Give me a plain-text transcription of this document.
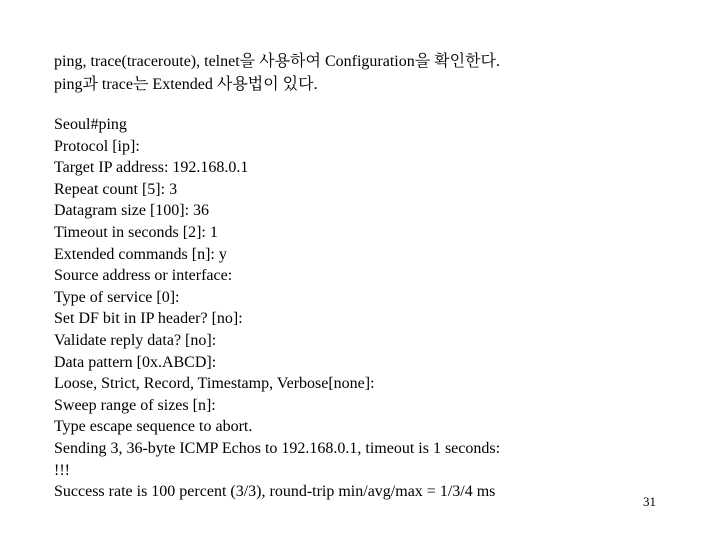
ping, trace(traceroute), telnet을 사용하여 Configuration을 확인한다.
ping과 trace는 Extended 사용법이 있다.
Seoul#ping
Protocol [ip]:
Target IP address: 192.168.0.1
Repeat count [5]: 3
Datagram size [100]: 36
Timeout in seconds [2]: 1
Extended commands [n]: y
Source address or interface:
Type of service [0]:
Set DF bit in IP header? [no]:
Validate reply data? [no]:
Data pattern [0x.ABCD]:
Loose, Strict, Record, Timestamp, Verbose[none]:
Sweep range of sizes [n]:
Type escape sequence to abort.
Sending 3, 36-byte ICMP Echos to 192.168.0.1, timeout is 1 seconds:
!!!
Success rate is 100 percent (3/3), round-trip min/avg/max = 1/3/4 ms
31
